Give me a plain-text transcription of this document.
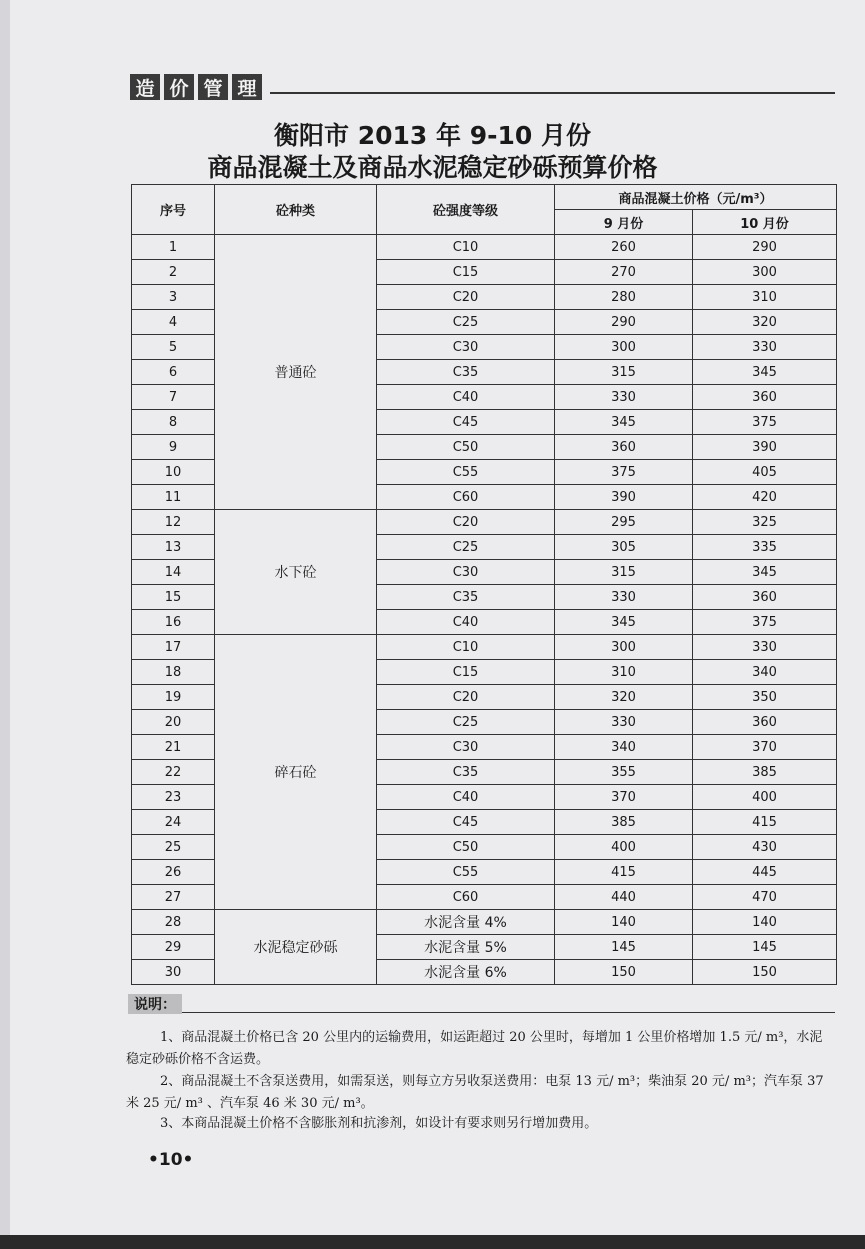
造 价 管 理
衡阳市 2013 年 9-10 月份
商品混凝土及商品水泥稳定砂砾预算价格
序号	砼种类	砼强度等级	商品混凝土价格（元/m³）	
			9 月份	10 月份
1	普通砼	C10	260	290
2		C15	270	300
3		C20	280	310
4		C25	290	320
5		C30	300	330
6		C35	315	345
7		C40	330	360
8		C45	345	375
9		C50	360	390
10		C55	375	405
11		C60	390	420
12	水下砼	C20	295	325
13		C25	305	335
14		C30	315	345
15		C35	330	360
16		C40	345	375
17	碎石砼	C10	300	330
18		C15	310	340
19		C20	320	350
20		C25	330	360
21		C30	340	370
22		C35	355	385
23		C40	370	400
24		C45	385	415
25		C50	400	430
26		C55	415	445
27		C60	440	470
28	水泥稳定砂砾	水泥含量 4%	140	140
29		水泥含量 5%	145	145
30		水泥含量 6%	150	150
说明：
1、商品混凝土价格已含 20 公里内的运输费用，如运距超过 20 公里时，每增加 1 公里价格增加 1.5 元/ m³，水泥稳定砂砾价格不含运费。
2、商品混凝土不含泵送费用，如需泵送，则每立方另收泵送费用：电泵 13 元/ m³；柴油泵 20 元/ m³；汽车泵 37 米 25 元/ m³ 、汽车泵 46 米 30 元/ m³。
3、本商品混凝土价格不含膨胀剂和抗渗剂，如设计有要求则另行增加费用。
•10•
